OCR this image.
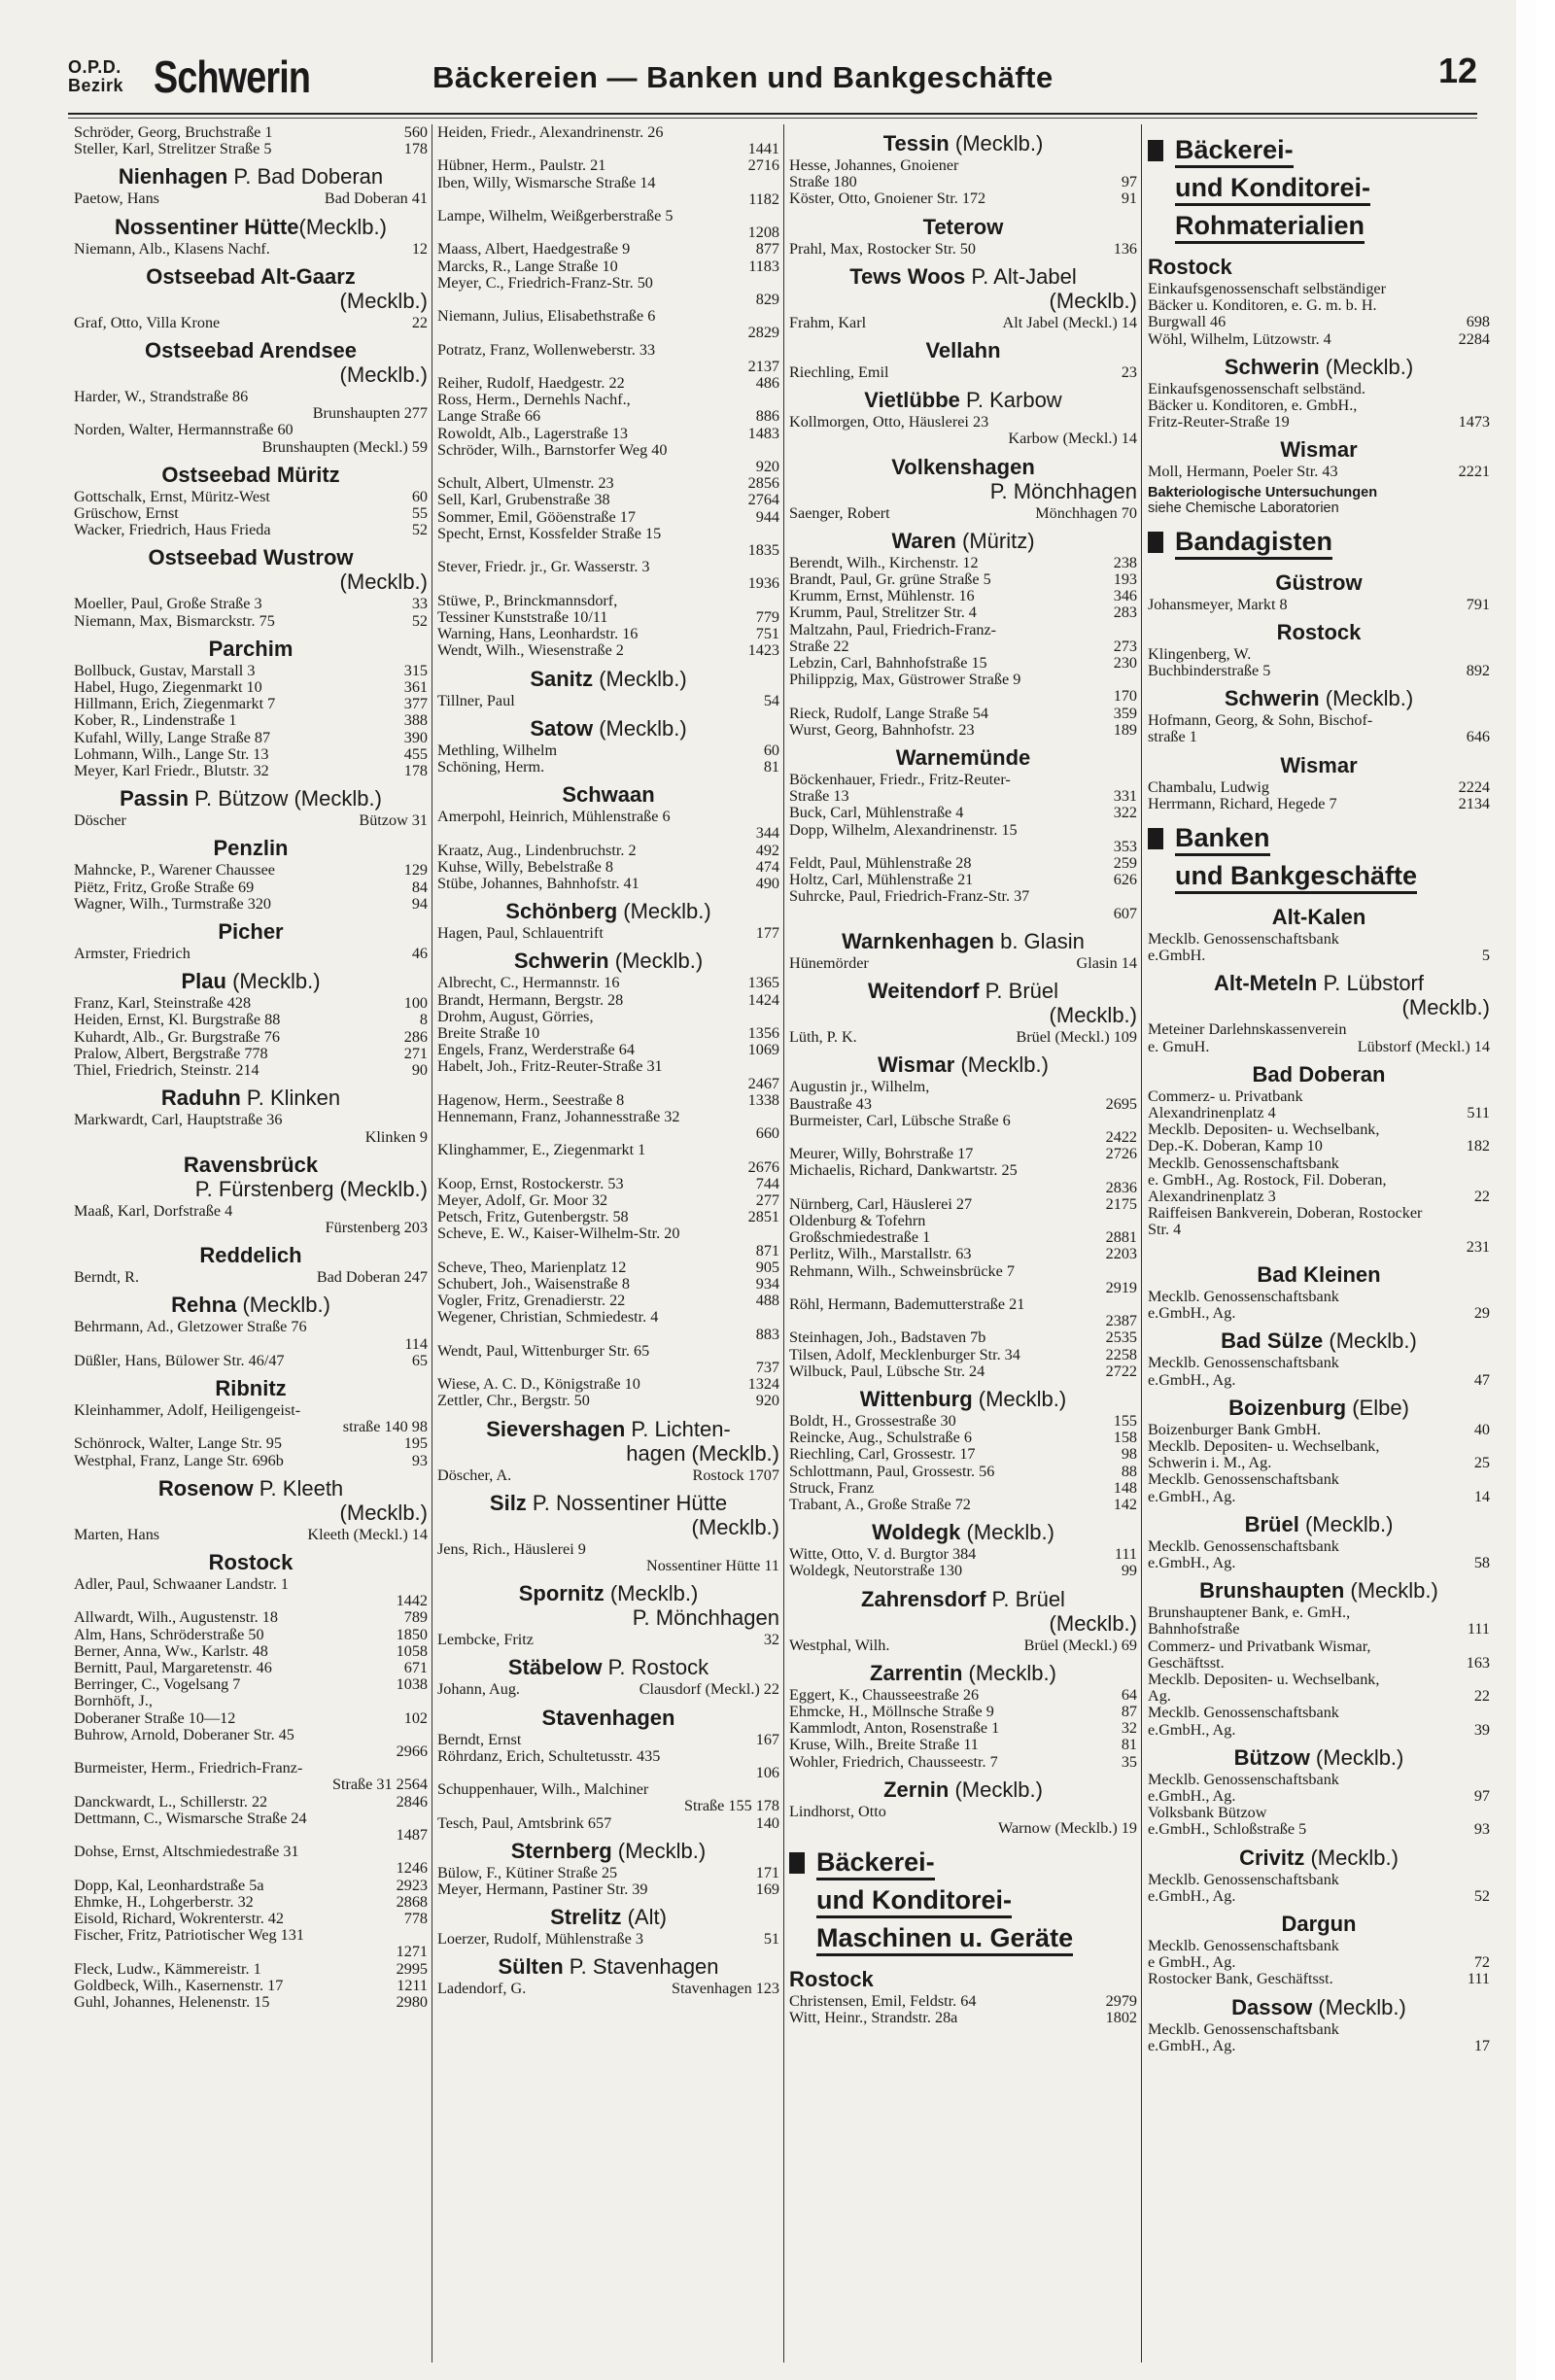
O.P.D.
Bezirk Schwerin	Bäckereien — Banken und Bankgeschäfte	12
Schröder, Georg, Bruchstraße 1	560
Steller, Karl, Strelitzer Straße 5	178
Nienhagen P. Bad Doberan
Paetow, Hans	Bad Doberan 41
Nossentiner Hütte(Mecklb.)
Niemann, Alb., Klasens Nachf.	12
Ostseebad Alt-Gaarz
(Mecklb.)
Graf, Otto, Villa Krone	22
Ostseebad Arendsee
(Mecklb.)
Harder, W., Strandstraße 86
Brunshaupten 277
Norden, Walter, Hermannstraße 60
Brunshaupten (Meckl.) 59
Ostseebad Müritz
Gottschalk, Ernst, Müritz-West	60
Grüschow, Ernst	55
Wacker, Friedrich, Haus Frieda	52
Ostseebad Wustrow
(Mecklb.)
Moeller, Paul, Große Straße 3	33
Niemann, Max, Bismarckstr. 75	52
Parchim
Bollbuck, Gustav, Marstall 3	315
Habel, Hugo, Ziegenmarkt 10	361
Hillmann, Erich, Ziegenmarkt 7	377
Kober, R., Lindenstraße 1	388
Kufahl, Willy, Lange Straße 87	390
Lohmann, Wilh., Lange Str. 13	455
Meyer, Karl Friedr., Blutstr. 32	178
Passin P. Bützow (Mecklb.)
Döscher	Bützow 31
Penzlin
Mahncke, P., Warener Chaussee	129
Piëtz, Fritz, Große Straße 69	84
Wagner, Wilh., Turmstraße 320	94
Picher
Armster, Friedrich	46
Plau (Mecklb.)
Franz, Karl, Steinstraße 428	100
Heiden, Ernst, Kl. Burgstraße 88	8
Kuhardt, Alb., Gr. Burgstraße 76	286
Pralow, Albert, Bergstraße 778	271
Thiel, Friedrich, Steinstr. 214	90
Raduhn P. Klinken
Markwardt, Carl, Hauptstraße 36
Klinken 9
Ravensbrück
P. Fürstenberg (Mecklb.)
Maaß, Karl, Dorfstraße 4
Fürstenberg 203
Reddelich
Berndt, R.	Bad Doberan 247
Rehna (Mecklb.)
Behrmann, Ad., Gletzower Straße 76
114
Düßler, Hans, Bülower Str. 46/47	65
Ribnitz
Kleinhammer, Adolf, Heiligengeist-
straße 140 98
Schönrock, Walter, Lange Str. 95	195
Westphal, Franz, Lange Str. 696b	93
Rosenow P. Kleeth
(Mecklb.)
Marten, Hans	Kleeth (Meckl.) 14
Rostock
Adler, Paul, Schwaaner Landstr. 1
1442
Allwardt, Wilh., Augustenstr. 18	789
Alm, Hans, Schröderstraße 50	1850
Berner, Anna, Ww., Karlstr. 48	1058
Bernitt, Paul, Margaretenstr. 46	671
Berringer, C., Vogelsang 7	1038
Bornhöft, J.,
Doberaner Straße 10—12	102
Buhrow, Arnold, Doberaner Str. 45
2966
Burmeister, Herm., Friedrich-Franz-
Straße 31 2564
Danckwardt, L., Schillerstr. 22	2846
Dettmann, C., Wismarsche Straße 24
1487
Dohse, Ernst, Altschmiedestraße 31
1246
Dopp, Kal, Leonhardstraße 5a	2923
Ehmke, H., Lohgerberstr. 32	2868
Eisold, Richard, Wokrenterstr. 42	778
Fischer, Fritz, Patriotischer Weg 131
1271
Fleck, Ludw., Kämmereistr. 1	2995
Goldbeck, Wilh., Kasernenstr. 17	1211
Guhl, Johannes, Helenenstr. 15	2980
Heiden, Friedr., Alexandrinenstr. 26
1441
Hübner, Herm., Paulstr. 21	2716
Iben, Willy, Wismarsche Straße 14
1182
Lampe, Wilhelm, Weißgerberstraße 5
1208
Maass, Albert, Haedgestraße 9	877
Marcks, R., Lange Straße 10	1183
Meyer, C., Friedrich-Franz-Str. 50
829
Niemann, Julius, Elisabethstraße 6
2829
Potratz, Franz, Wollenweberstr. 33
2137
Reiher, Rudolf, Haedgestr. 22	486
Ross, Herm., Dernehls Nachf.,
Lange Straße 66	886
Rowoldt, Alb., Lagerstraße 13	1483
Schröder, Wilh., Barnstorfer Weg 40
920
Schult, Albert, Ulmenstr. 23	2856
Sell, Karl, Grubenstraße 38	2764
Sommer, Emil, Gööenstraße 17	944
Specht, Ernst, Kossfelder Straße 15
1835
Stever, Friedr. jr., Gr. Wasserstr. 3
1936
Stüwe, P., Brinckmannsdorf,
Tessiner Kunststraße 10/11	779
Warning, Hans, Leonhardstr. 16	751
Wendt, Wilh., Wiesenstraße 2	1423
Sanitz (Mecklb.)
Tillner, Paul	54
Satow (Mecklb.)
Methling, Wilhelm	60
Schöning, Herm.	81
Schwaan
Amerpohl, Heinrich, Mühlenstraße 6
344
Kraatz, Aug., Lindenbruchstr. 2	492
Kuhse, Willy, Bebelstraße 8	474
Stübe, Johannes, Bahnhofstr. 41	490
Schönberg (Mecklb.)
Hagen, Paul, Schlauentrift	177
Schwerin (Mecklb.)
Albrecht, C., Hermannstr. 16	1365
Brandt, Hermann, Bergstr. 28	1424
Drohm, August, Görries,
Breite Straße 10	1356
Engels, Franz, Werderstraße 64	1069
Habelt, Joh., Fritz-Reuter-Straße 31
2467
Hagenow, Herm., Seestraße 8	1338
Hennemann, Franz, Johannesstraße 32
660
Klinghammer, E., Ziegenmarkt 1
2676
Koop, Ernst, Rostockerstr. 53	744
Meyer, Adolf, Gr. Moor 32	277
Petsch, Fritz, Gutenbergstr. 58	2851
Scheve, E. W., Kaiser-Wilhelm-Str. 20
871
Scheve, Theo, Marienplatz 12	905
Schubert, Joh., Waisenstraße 8	934
Vogler, Fritz, Grenadierstr. 22	488
Wegener, Christian, Schmiedestr. 4
883
Wendt, Paul, Wittenburger Str. 65
737
Wiese, A. C. D., Königstraße 10	1324
Zettler, Chr., Bergstr. 50	920
Sievershagen P. Lichten-
hagen (Mecklb.)
Döscher, A.	Rostock 1707
Silz P. Nossentiner Hütte
(Mecklb.)
Jens, Rich., Häuslerei 9
Nossentiner Hütte 11
Spornitz (Mecklb.)
P. Mönchhagen
Lembcke, Fritz	32
Stäbelow P. Rostock
Johann, Aug.	Clausdorf (Meckl.) 22
Stavenhagen
Berndt, Ernst	167
Röhrdanz, Erich, Schultetusstr. 435
106
Schuppenhauer, Wilh., Malchiner
Straße 155 178
Tesch, Paul, Amtsbrink 657	140
Sternberg (Mecklb.)
Bülow, F., Kütiner Straße 25	171
Meyer, Hermann, Pastiner Str. 39	169
Strelitz (Alt)
Loerzer, Rudolf, Mühlenstraße 3	51
Sülten P. Stavenhagen
Ladendorf, G.	Stavenhagen 123
Tessin (Mecklb.)
Hesse, Johannes, Gnoiener
Straße 180	97
Köster, Otto, Gnoiener Str. 172	91
Teterow
Prahl, Max, Rostocker Str. 50	136
Tews Woos P. Alt-Jabel
(Mecklb.)
Frahm, Karl	Alt Jabel (Meckl.) 14
Vellahn
Riechling, Emil	23
Vietlübbe P. Karbow
Kollmorgen, Otto, Häuslerei 23
Karbow (Meckl.) 14
Volkenshagen
P. Mönchhagen
Saenger, Robert	Mönchhagen 70
Waren (Müritz)
Berendt, Wilh., Kirchenstr. 12	238
Brandt, Paul, Gr. grüne Straße 5	193
Krumm, Ernst, Mühlenstr. 16	346
Krumm, Paul, Strelitzer Str. 4	283
Maltzahn, Paul, Friedrich-Franz-
Straße 22	273
Lebzin, Carl, Bahnhofstraße 15	230
Philippzig, Max, Güstrower Straße 9
170
Rieck, Rudolf, Lange Straße 54	359
Wurst, Georg, Bahnhofstr. 23	189
Warnemünde
Böckenhauer, Friedr., Fritz-Reuter-
Straße 13	331
Buck, Carl, Mühlenstraße 4	322
Dopp, Wilhelm, Alexandrinenstr. 15
353
Feldt, Paul, Mühlenstraße 28	259
Holtz, Carl, Mühlenstraße 21	626
Suhrcke, Paul, Friedrich-Franz-Str. 37
607
Warnkenhagen b. Glasin
Hünemörder	Glasin 14
Weitendorf P. Brüel
(Mecklb.)
Lüth, P. K.	Brüel (Meckl.) 109
Wismar (Mecklb.)
Augustin jr., Wilhelm,
Baustraße 43	2695
Burmeister, Carl, Lübsche Straße 6
2422
Meurer, Willy, Bohrstraße 17	2726
Michaelis, Richard, Dankwartstr. 25
2836
Nürnberg, Carl, Häuslerei 27	2175
Oldenburg & Tofehrn
Großschmiedestraße 1	2881
Perlitz, Wilh., Marstallstr. 63	2203
Rehmann, Wilh., Schweinsbrücke 7
2919
Röhl, Hermann, Bademutterstraße 21
2387
Steinhagen, Joh., Badstaven 7b	2535
Tilsen, Adolf, Mecklenburger Str. 34	2258
Wilbuck, Paul, Lübsche Str. 24	2722
Wittenburg (Mecklb.)
Boldt, H., Grossestraße 30	155
Reincke, Aug., Schulstraße 6	158
Riechling, Carl, Grossestr. 17	98
Schlottmann, Paul, Grossestr. 56	88
Struck, Franz	148
Trabant, A., Große Straße 72	142
Woldegk (Mecklb.)
Witte, Otto, V. d. Burgtor 384	111
Woldegk, Neutorstraße 130	99
Zahrensdorf P. Brüel
(Mecklb.)
Westphal, Wilh.	Brüel (Meckl.) 69
Zarrentin (Mecklb.)
Eggert, K., Chausseestraße 26	64
Ehmcke, H., Möllnsche Straße 9	87
Kammlodt, Anton, Rosenstraße 1	32
Kruse, Wilh., Breite Straße 11	81
Wohler, Friedrich, Chausseestr. 7	35
Zernin (Mecklb.)
Lindhorst, Otto
Warnow (Mecklb.) 19
Bäckerei-
und Konditorei-
Maschinen u. Geräte

Rostock
Christensen, Emil, Feldstr. 64	2979
Witt, Heinr., Strandstr. 28a	1802
Bäckerei-
und Konditorei-
Rohmaterialien

Rostock
Einkaufsgenossenschaft selbständiger
Bäcker u. Konditoren, e. G. m. b. H.
Burgwall 46	698
Wöhl, Wilhelm, Lützowstr. 4	2284
Schwerin (Mecklb.)
Einkaufsgenossenschaft selbständ.
Bäcker u. Konditoren, e. GmbH.,
Fritz-Reuter-Straße 19	1473
Wismar
Moll, Hermann, Poeler Str. 43	2221
Bakteriologische Untersuchungen
siehe Chemische Laboratorien
Bandagisten

Güstrow
Johansmeyer, Markt 8	791
Rostock
Klingenberg, W.
Buchbinderstraße 5	892
Schwerin (Mecklb.)
Hofmann, Georg, & Sohn, Bischof-
straße 1	646
Wismar
Chambalu, Ludwig	2224
Herrmann, Richard, Hegede 7	2134
Banken
und Bankgeschäfte

Alt-Kalen
Mecklb. Genossenschaftsbank
e.GmbH.	5
Alt-Meteln P. Lübstorf
(Mecklb.)
Meteiner Darlehnskassenverein
e. GmuH.	Lübstorf (Meckl.) 14
Bad Doberan
Commerz- u. Privatbank
Alexandrinenplatz 4	511
Mecklb. Depositen- u. Wechselbank,
Dep.-K. Doberan, Kamp 10	182
Mecklb. Genossenschaftsbank
e. GmbH., Ag. Rostock, Fil. Doberan,
Alexandrinenplatz 3	22
Raiffeisen Bankverein, Doberan, Rostocker Str. 4
231
Bad Kleinen
Mecklb. Genossenschaftsbank
e.GmbH., Ag.	29
Bad Sülze (Mecklb.)
Mecklb. Genossenschaftsbank
e.GmbH., Ag.	47
Boizenburg (Elbe)
Boizenburger Bank GmbH.	40
Mecklb. Depositen- u. Wechselbank,
Schwerin i. M., Ag.	25
Mecklb. Genossenschaftsbank
e.GmbH., Ag.	14
Brüel (Mecklb.)
Mecklb. Genossenschaftsbank
e.GmbH., Ag.	58
Brunshaupten (Mecklb.)
Brunshauptener Bank, e. GmH.,
Bahnhofstraße	111
Commerz- und Privatbank Wismar,
Geschäftsst.	163
Mecklb. Depositen- u. Wechselbank,
Ag.	22
Mecklb. Genossenschaftsbank
e.GmbH., Ag.	39
Bützow (Mecklb.)
Mecklb. Genossenschaftsbank
e.GmbH., Ag.	97
Volksbank Bützow
e.GmbH., Schloßstraße 5	93
Crivitz (Mecklb.)
Mecklb. Genossenschaftsbank
e.GmbH., Ag.	52
Dargun
Mecklb. Genossenschaftsbank
e GmbH., Ag.	72
Rostocker Bank, Geschäftsst.	111
Dassow (Mecklb.)
Mecklb. Genossenschaftsbank
e.GmbH., Ag.	17
